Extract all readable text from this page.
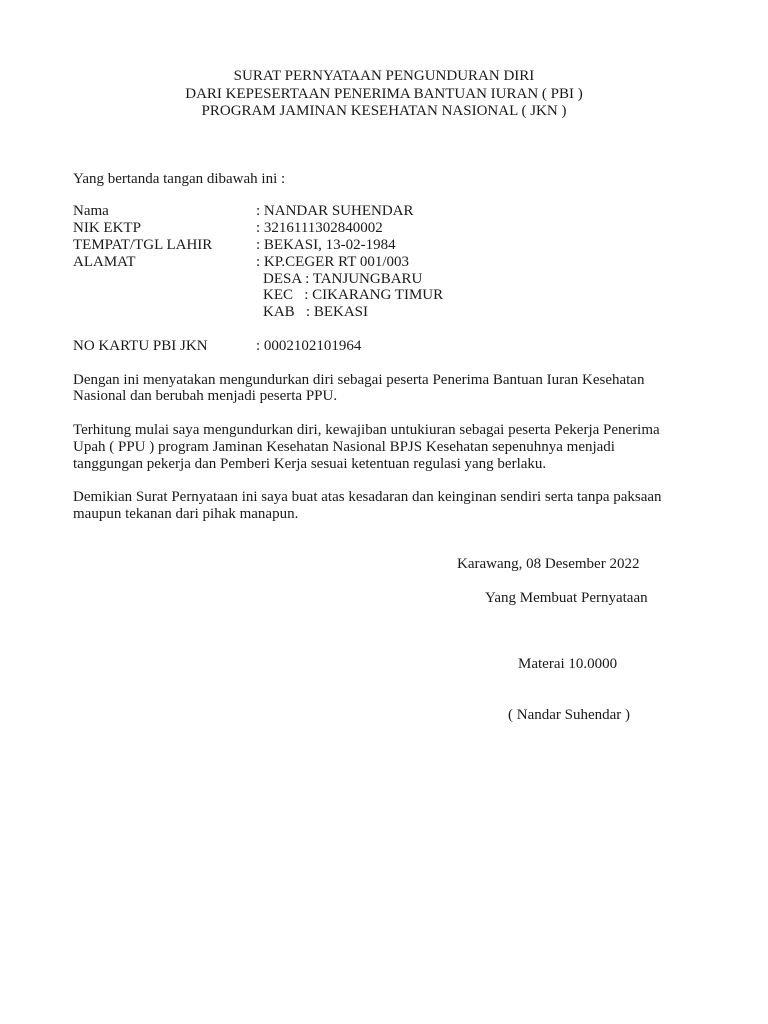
SURAT PERNYATAAN PENGUNDURAN DIRI
DARI KEPESERTAAN PENERIMA BANTUAN IURAN ( PBI )
PROGRAM JAMINAN KESEHATAN NASIONAL ( JKN )
Yang bertanda tangan dibawah ini :
Nama	: NANDAR SUHENDAR
NIK EKTP	: 3216111302840002
TEMPAT/TGL LAHIR	: BEKASI, 13-02-1984
ALAMAT	: KP.CEGER RT 001/003
DESA : TANJUNGBARU
KEC   : CIKARANG TIMUR
KAB   : BEKASI
NO KARTU PBI JKN	: 0002102101964
Dengan ini menyatakan mengundurkan diri sebagai peserta Penerima Bantuan Iuran Kesehatan
Nasional dan berubah menjadi peserta PPU.
Terhitung mulai saya mengundurkan diri, kewajiban untukiuran sebagai peserta Pekerja Penerima
Upah ( PPU ) program Jaminan Kesehatan Nasional BPJS Kesehatan sepenuhnya menjadi
tanggungan pekerja dan Pemberi Kerja sesuai ketentuan regulasi yang berlaku.
Demikian Surat Pernyataan ini saya buat atas kesadaran dan keinginan sendiri serta tanpa paksaan
maupun tekanan dari pihak manapun.
Karawang, 08 Desember 2022
Yang Membuat Pernyataan
Materai 10.0000
( Nandar Suhendar )
